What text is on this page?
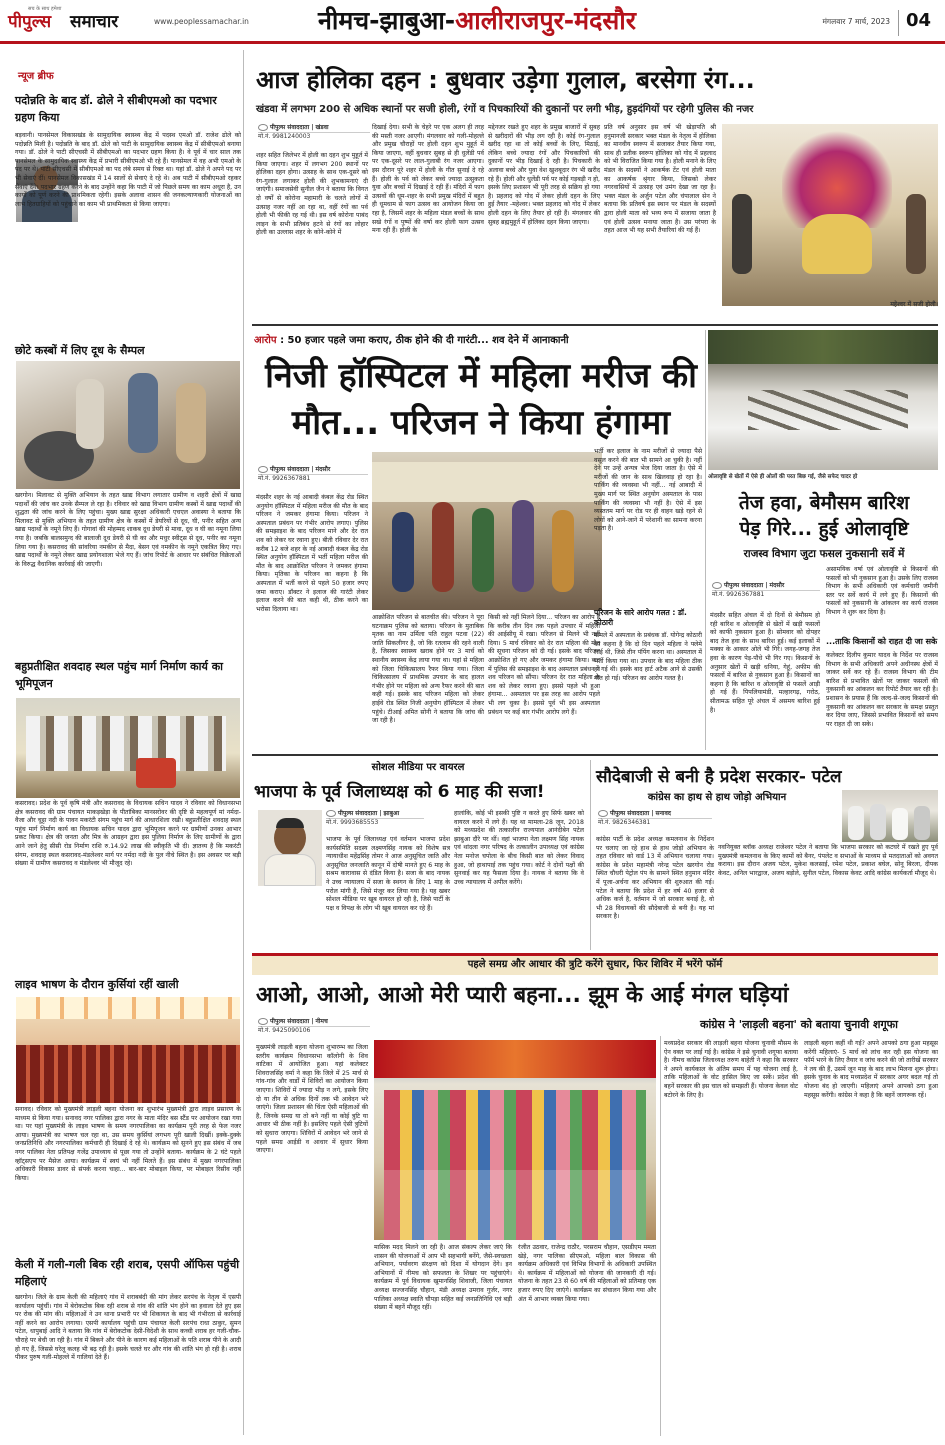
पीपुल्स समाचार
सच के साथ हमेशा
www.peoplessamachar.in	नीमच-झाबुआ-आलीराजपुर-मंदसौर	मंगलवार 7 मार्च, 2023 04
न्यूज ब्रीफ
पदोन्नति के बाद डॉ. ढोले ने सीबीएमओ का पदभार ग्रहण किया
बड़वानी। पानसेमल विकासखंड के सामुदायिक स्वास्थ्य केंद्र में पदस्थ एमओ डॉ. राजेश ढोले को पदोन्नति मिली है। पदोन्नति के बाद डॉ. ढोले को पाटी के सामुदायिक स्वास्थ्य केंद्र में सीबीएमओ बनाया गया। डॉ. ढोले ने पाटी सीएचसी में सीबीएमओ का पदभार ग्रहण किया है। वे पूर्व में चार साल तक पानसेमल के सामुदायिक स्वास्थ्य केंद्र में प्रभारी सीबीएमओ भी रहे हैं। पानसेमल में वह अभी एमओ के पद पर थे। पाटी सीएचसी में सीबीएमओ का पद लंबे समय से रिक्त था। यहां डॉ. ढोले ने अपने पद पर भी सेवाएं दीं। पानसेमल विकासखंड में 14 सालों से सेवाएं दे रहे थे। अब पाटी में सीबीएमओ रहकर सेवाएं देंगे। पदभार ग्रहण करने के बाद उन्होंने कहा कि पाटी में जो पिछले समय का काम अधूरा है, उन कार्यों को पूर्ण करने की प्राथमिकता रहेगी। इसके अलावा शासन की जनकल्याणकारी योजनाओं का लाभ हितग्राहियों को पहुंचाने का काम भी प्राथमिकता से किया जाएगा।
छोटे कस्बों में लिए दूध के सैम्पल
खरगोन। मिलावट से मुक्ति अभियान के तहत खाद्य विभाग लगातार ग्रामीण व शहरी क्षेत्रों में खाद्य पदार्थों की जांच कर उनके सैम्पल ले रहा है। रविवार को खाद्य विभाग ग्रामीण कस्बों में खाद्य पदार्थों की शुद्धता की जांच करने के लिए पहुंचा। मुख्य खाद्य सुरक्षा अधिकारी एचएल अवास्या ने बताया कि मिलावट से मुक्ति अभियान के तहत ग्रामीण क्षेत्र के कस्बों में डेयरियों से दूध, घी, पनीर सहित अन्य खाद्य पदार्थों के नमूने लिए हैं। गोगावां की मोहम्मद शाकब दूध डेयरी से मावा, दूध व घी का नमूना लिया गया है। जबकि बालसमुन्द की बालाजी दूध डेयरी से घी का और मधुर स्वीट्स से दूध, पनीर का नमूना लिया गया है। कसरावद की सांवरिया नमकीन से मैदा, बेसन एवं नमकीन के नमूने एकत्रित किए गए। खाद्य पदार्थों के नमूने लेकर खाद्य प्रयोगशाला भेजे गए हैं। जांच रिपोर्ट के आधार पर संबंधित विक्रेताओं के विरुद्ध वैधानिक कार्रवाई की जाएगी।
बहुप्रतीक्षित शवदाह स्थल पहुंच मार्ग निर्माण कार्य का भूमिपूजन
कसरावद। प्रदेश के पूर्व कृषि मंत्री और कसरावद के विधायक सचिन यादव ने रविवार को विधानसभा क्षेत्र कसरावद की ग्राम पंचायत माकड़खेड़ा के पीतांबिका मानसरोवर की दृष्टि से महत्वपूर्ण मां नर्मदा-वैजा और चुट्टा नदी के पावन मकरंटी संगम पहुंच मार्ग की आधारशिला रखी। बहुप्रतीक्षित शवदाह स्थल पहुंच मार्ग निर्माण कार्य का विधायक सचिन यादव द्वारा भूमिपूजन करने पर ग्रामीणों उनका आभार प्रकट किया। क्षेत्र की जनता और मित्र के आग्रहन द्वारा इस पुलिया निर्माण के लिए ग्रामीणों के द्वारा आने जाने हेतु सीसी रोड निर्माण राशि रु.14.92 लाख की स्वीकृति भी दी। ज्ञातव्य है कि मकरंटी संगम, शवदाह स्थल कसरावद-मंडलेश्वर मार्ग पर नर्मदा नदी के पुल नीचे स्थित है। इस अवसर पर बड़ी संख्या में ग्रामीण कसरावद व मंडलेश्वर भी मौजूद रहे।
लाइव भाषण के दौरान कुर्सियां रहीं खाली
सनावद। रविवार को मुख्यमंत्री लाड़ली बहना योजना का शुभारंभ मुख्यमंत्री द्वारा लाइव प्रसारण के माध्यम से किया गया। सनावद नगर पालिका द्वारा नगर के माता मंदिर बस स्टैंड पर आयोजन रखा गया था। पर यहां मुख्यमंत्री के लाइव भाषण के समय नगरपालिका का कार्यक्रम पूरी तरह से फेल नजर आया। मुख्यमंत्री का भाषण चल रहा था, उस समय कुर्सियां लगभग पूरी खाली दिखीं। इक्के-दुक्के जनप्रतिनिधि और नगरपालिका कर्मचारी ही दिखाई दे रहे थे। कार्यक्रम को सुनने हुए इस संबंध में जब नगर पालिका नेता प्रतिपक्ष गजेंद्र उपाध्याय से पूछा गया तो उन्होंने बताया- कार्यक्रम के 2 घंटे पहले व्हॉट्सएप पर मैसेज आया। कार्यक्रम में स्वयं भी नहीं मिलते हैं। इस संबंध में मुख्य नगरपालिका अधिकारी विकास डावर से संपर्क करना चाहा... बार-बार मोबाइल किया, पर मोबाइल रिसीव नहीं किया।
केली में गली-गली बिक रही शराब, एसपी ऑफिस पहुंची महिलाएं
खरगोन। जिले के ग्राम केली की महिलाएं गांव में शराबबंदी की मांग लेकर सरपंच के नेतृत्व में एसपी कार्यालय पहुंचीं। गांव में बेरोकटोक बिक रही शराब से गांव की शांति भंग होने का हवाला देते हुए इस पर रोक की मांग की। महिलाओं ने उन थाना प्रभारी पर भी शिकायत के बाद भी गंभीरता से कार्रवाई नहीं करने का आरोप लगाया। एसपी कार्यालय पहुंची ग्राम पंचायत केली सरपंच राधा ठाकुर, सुमन पटेल, धापुबाई आदि ने बताया कि गांव में बेरोकटोक देसी-विदेशी के साथ कच्ची शराब हर गली-चौक-चौराहे पर बेची जा रही है। गांव में बिकने और पीने के कारण कई महिलाओं के पति शराब पीने के आदी हो गए हैं, जिससे घरेलू कलह भी बढ़ रही है। इसके चलते घर और गांव की शांति भंग हो रही है। शराब पीकर पुरुष गली-मोहल्ले में गालियां देते हैं।
आज होलिका दहन : बुधवार उड़ेगा गुलाल, बरसेगा रंग...
खंडवा में लगभग 200 से अधिक स्थानों पर सजी होली, रंगों व पिचकारियों की दुकानों पर लगी भीड़, हुड़दंगियों पर रहेगी पुलिस की नजर
पीपुल्स संवाददाता | खंडवा
मो.नं. 9981240003
शहर सहित जिलेभर में होली का दहन शुभ मुहूर्त में किया जाएगा। शहर में लगभग 200 स्थानों पर होलिका दहन होगा। उत्साह के साथ एक-दूसरे को रंग-गुलाल लगाकर होली की शुभकामनाएं दी जाएंगी। समाजसेवी सुनील जैन ने बताया कि विगत दो वर्षों से कोरोना महामारी के चलते लोगों में उत्साह नजर नहीं आ रहा था, वहीं रंगों का पर्व होली भी फीकी रह गई थी। इस वर्ष कोरोना पाबंद लाइन के सभी प्रतिबंध हटने से रंगों का लोहार होली का उल्लास शहर के कोने-कोने में
दिखाई देगा। सभी के चेहरे पर एक अलग ही तरह की मस्ती नजर आएगी। मंगलवार को गली-मोहल्ले और प्रमुख चौराहों पर होली दहन शुभ मुहूर्त में किया जाएगा, वहीं बुधवार सुबह से ही धुलेंडी पर्व पर एक-दूसरे पर लाल-गुलाबी रंग नजर आएगा। इस दौरान पूरे शहर में होली के गीत सुनाई दे रहे हैं। होली के पर्व को लेकर बच्चे ज्यादा उत्सुकता युवा और बच्चों में दिखाई दे रही हैं। मंदिरों में फाग उत्सवों की धूम-शहर के सभी प्रमुख मंदिरों में बहुत ही धूमधाम से फाग उत्सव का आयोजन किया जा रहा है, जिसमें शहर के महिला मंडल बच्चों के साथ सखे रंगों व पुष्पों की वर्षा कर होली फाग उत्सव मना रही हैं। होली के
मद्देनजर रखते हुए शहर के प्रमुख बाजारों में सुबह से खरीदारों की भीड़ लग रही है। कोई रंग-गुलाल खरीद रहा था तो कोई बच्चों के लिए, मिठाई, लेकिन बच्चे ज्यादा रंगों और पिचकारियों की दुकानों पर भीड़ दिखाई दे रही है। पिचकारी के अलावा बच्चे और युवा वेश खुशबूदार रंग भी खरीद रहे हैं। होली और धुलेंडी पर्व पर कोई गड़बड़ी न हो, इसके लिए प्रशासन भी पूरी तरह से सक्रिय हो गया है। प्रहलाद को गोद में लेकर होली दहन के लिए हुई तैयार -महेश्वर। भक्त प्रहलाद को गोद में लेकर होली दहन के लिए तैयार हो रही हैं। मंगलवार की सुबह ब्रह्ममुहूर्त में होलिका दहन किया जाएगा।
प्रति वर्ष अनुसार इस वर्ष भी खेड़ापति श्री हनुमानजी सरकार भक्त मंडल के नेतृत्व में होलिका का मानवीय स्वरूप में सजाकर तैयार किया गया, साथ ही प्रतीक स्वरूप होलिका को गोद में प्रहलाद को भी विराजित किया गया है। होली मनाने के लिए मंडल के सदस्यों ने आकर्षक टेंट एवं होली माता का आकर्षक श्रृंगार किया, जिसको लेकर नगरवासियों में उत्साह एवं उमंग देखा जा रहा है। भक्त मंडल के अर्जुन पटेल और चंपालाल सेन ने बताया कि प्रतिवर्ष इस स्थान पर मंडल के सदस्यों द्वारा होली माता को भव्य रूप में सजाया जाता है एवं होली उत्सव मनाया जाता है। उस परंपरा के तहत आज भी यह सभी तैयारियां की गई हैं।
महेश्वर में सजी होली।
आरोप : 50 हजार पहले जमा कराए, ठीक होने की दी गारंटी... शव देने में आनाकानी
निजी हॉस्पिटल में महिला मरीज की
मौत... परिजन ने किया हंगामा
पीपुल्स संवाददाता | मंदसौर
मो.नं. 9926367881
मंदसौर शहर के नई आबादी कंबल केंद्र रोड स्थित अनुयोग हॉस्पिटल में महिला मरीज की मौत के बाद परिजन ने जमकर हंगामा किया। परिजन ने अस्पताल प्रबंधन पर गंभीर आरोप लगाए। पुलिस की समझाइश के बाद परिजन माने और देर रात शव को लेकर घर रवाना हुए। बीती रविवार देर रात करीब 12 बजे शहर के नई आबादी कंबल केंद्र रोड स्थित अनुयोग हॉस्पिटल में भर्ती महिला मरीज की मौत के बाद आक्रोशित परिजन ने जमकर हंगामा किया। मृतिका के परिजन का कहना है कि अस्पताल में भर्ती करने से पहले 50 हजार रुपए जमा कराए। डॉक्टर ने इलाज की गारंटी लेकर इलाज करने की बात कही थी, ठीक करने का भरोसा दिलाया था।
आक्रोशित परिजन से बातचीत की। परिजन ने पूरा घटनाक्रम पुलिस को बताया। परिजन के मुताबिक मृतक का नाम उर्मिला पति राहुल पटवा (22) जाति सिकलीगर है, जो कि रतलाम की रहने वाली है, जिसका स्वास्थ्य खराब होने पर 3 मार्च को स्थानीय स्वास्थ्य केंद्र लाया गया था। यहां से महिला को जिला चिकित्सालय रैफर किया गया। जिला चिकित्सालय में प्राथमिक उपचार के बाद हालत गंभीर होने पर महिला को अन्य रैफर करने की बात कही गई। इसके बाद परिजन महिला को लेकर हाईवे रोड स्थित निजी अनुयोग हॉस्पिटल में लेकर पहुंचे। टीआई अमित सोनी ने बताया कि जांच की जा रही है।
किसी को नहीं मिलने दिया... परिजन का आरोप है कि करीब तीन दिन तक पहले उपचार में महिला की आईसीयू में रखा। परिजन से मिलने भी नहीं दिया। 5 मार्च रविवार को देर रात महिला की मौत की सूचना परिजन को दी गई। इसके बाद परिजन आक्रोशित हो गए और जमकर हंगामा किया। बाद में पुलिस की समझाइश के बाद अस्पताल प्रबंधन ने शव परिजन को सौंपा। परिजन देर रात महिला के शव को लेकर रवाना हुए। इससे पहले भी हुआ हंगामा... अस्पताल पर इस तरह का आरोप पहले भी लग चुका है। इससे पूर्व भी इस अस्पताल प्रबंधन पर कई बार गंभीर आरोप लगे हैं।
भर्ती कर इलाज के नाम मरीजों से ज्यादा पैसे वसूल करने की बात भी सामने आ चुकी है। नहीं देने पर उन्हें अन्यत्र भेज दिया जाता है। ऐसे में मरीजों की जान के साथ खिलवाड़ हो रहा है। पार्किंग की व्यवस्था भी नहीं... नई आबादी में मुख्य मार्ग पर स्थित अनुयोग अस्पताल के पास पार्किंग की व्यवस्था भी नहीं है। ऐसे में इस व्यस्ततम मार्ग पर रोड पर ही वाहन खड़े रहने से लोगों को आने-जाने में परेशानी का सामना करना पड़ता है।
परिजन के सारे आरोप गलत : डॉ. कोठारी
मामले में अस्पताल के प्रबंधक डॉ. योगेन्द्र कोठारी का कहना है कि दो दिन पहले महिला ने फ्लेमे लाई थी, जिसे तीन पंपिंग करना था। अस्पताल में भर्ती किया गया था। उपचार के बाद महिला ठीक हो गई थी। इसके बाद हार्ट अटैक आने से उसकी मौत हो गई। परिजन का आरोप गलत है।
ओलावृष्टि से खेतों में ऐसे ही ओलों की परत बिछ गई, जैसे सफेद चादर हो
तेज हवा, बेमौसम बारिश
पेड़ गिरे... हुई ओलावृष्टि
राजस्व विभाग जुटा फसल नुकसानी सर्वे में
पीपुल्स संवाददाता | मंदसौर
मो.नं. 9926367881
मंदसौर सहित अंचल में दो दिनों से बेमौसम हो रही बारिश व ओलावृष्टि से खेतों में खड़ी फसलों को काफी नुकसान हुआ है। सोमवार को दोपहर बाद तेज हवा के साथ बारिश हुई। कई इलाकों में मक्का के आकार ओले भी गिरे। जगह-जगह तेज हवा के कारण पेड़-पौधे भी गिर गए। किसानों के अनुसार खेतों में खड़ी धनिया, गेहूं, अफीम की फसलों में बारिश से नुकसान हुआ है। किसानों का कहना है कि बारिश व ओलावृष्टि से फसलें आड़ी हो गई हैं। पिपलियामंडी, मल्हारगढ़, गरोठ, सीतामऊ सहित पूरे अंचल में असमय बारिश हुई है।
असामयिक वर्षा एवं ओलावृष्टि से किसानों की फसलों को भी नुकसान हुआ है। उसके लिए राजस्व विभाग के सभी अधिकारी एवं कर्मचारी जमीनी स्तर पर सर्वे कार्य में लगे हुए हैं। किसानों की फसलों को नुकसानी के आंकलन का कार्य राजस्व विभाग ने शुरू कर दिया है।
...ताकि किसानों को राहत दी जा सके
कलेक्टर दिलीप कुमार यादव के निर्देश पर राजस्व विभाग के सभी अधिकारी अपने अधीनस्थ क्षेत्रों में जाकर सर्वे कर रहे हैं। राजस्व विभाग की टीम बारिश से प्रभावित खेतों पर जाकर फसलों की नुकसानी का आंकलन कर रिपोर्ट तैयार कर रही है। प्रशासन के प्रयास हैं कि जल्द-से-जल्द किसानों की नुकसानी का आंकलन कर सरकार के समक्ष प्रस्तुत कर दिया जाए, जिससे प्रभावित किसानों को समय पर राहत दी जा सके।
सोशल मीडिया पर वायरल
भाजपा के पूर्व जिलाध्यक्ष को 6 माह की सजा!
पीपुल्स संवाददाता | झाबुआ
मो.नं. 9993685553
भाजपा के पूर्व जिलाध्यक्ष एवं वर्तमान भाजपा प्रदेश कार्यसमिति सदस्य लक्ष्मणसिंह नायक को विशेष सत्र न्यायाधीश महेंद्रसिंह तोमर ने आज अनुसूचित जाति और अनुसूचित जनजाति कानून में दोषी मानते हुए 6 माह के सश्रम कारावास से दंडित किया है। सजा के बाद नायक ने उच्च न्यायालय में सजा के स्थगन के लिए 1 माह के परोल मांगी है, जिसे मंजूर कर लिया गया है। यह खबर सोशल मीडिया पर खूब वायरल हो रही है, जिसे पार्टी के पक्ष व विपक्ष के लोग भी खूब वायरल कर रहे हैं।
हालांकि, कोई भी इसकी पुष्टि न करते हुए सिर्फ खबर को वायरल करने में लगे हैं। यह था मामला-28 जून, 2018 को मध्यप्रदेश की तत्कालीन राज्यपाल आनंदीबेन पटेल झाबुआ दौरे पर थीं। वहां भाजपा नेता लक्ष्मण सिंह नायक एवं थांदला नगर परिषद के तत्कालीन उपाध्यक्ष एवं कांग्रेस नेता मनोज चपोला के बीच किसी बात को लेकर विवाद हुआ, जो हाथापाई तक पहुंच गया। कोर्ट ने दोनों पक्षों की सुनवाई कर यह फैसला दिया है। नायक ने बताया कि वे उच्च न्यायालय में अपील करेंगे।
सौदेबाजी से बनी है प्रदेश सरकार- पटेल
कांग्रेस का हाथ से हाथ जोड़ो अभियान
पीपुल्स संवाददाता | सनावद
मो.नं. 9826346381
कांग्रेस पार्टी के प्रदेश अध्यक्ष कमलनाथ के निर्देशन पर चलाए जा रहे हाथ से हाथ जोड़ो अभियान के तहत रविवार को वार्ड 13 में अभियान चलाया गया। कांग्रेस के प्रदेश महामंत्री नरेन्द्र पटेल खरगोन रोड स्थित चौधरी पेट्रोल पंप के सामने स्थित हनुमान मंदिर में पूजा-अर्चना कर अभियान की शुरुआत की गई। पटेल ने बताया कि प्रदेश में हर वर्ष 40 हजार से अधिक कर्ज है, वर्तमान में जो सरकार बनाई है, वो भी 28 विधायकों की सौदेबाजी से बनी है। यह मां सरकार है।
नवनियुक्त ब्लॉक अध्यक्ष राजेश्वर पटेल ने बताया कि भाजपा सरकार को कटघरे में रखते हुए पूर्व मुख्यमंत्री कमलनाथ के किए कामों को बैनर, पंपलेट व सभाओं के माध्यम से मतदाताओं को अवगत कराया। इस दौरान अजय पटेल, मुकेश कलसाई, रमेश पटेल, प्रकाश बघेल, सोनू बिरला, दीपक केवट, अनिल भारद्वाज, अजय बड़ोले, सुनील पटेल, विकास केवट आदि कांग्रेस कार्यकर्ता मौजूद थे।
पहले समग्र और आधार की त्रुटि करेंगे सुधार, फिर शिविर में भरेंगे फॉर्म
आओ, आओ, आओ मेरी प्यारी बहना... झूम के आई मंगल घड़ियां
कांग्रेस ने 'लाड़ली बहना' को बताया चुनावी शगूफा
पीपुल्स संवाददाता | नीमच
मो.नं. 9425090106
मुख्यमंत्री लाड़ली बहना योजना शुभारम्भ का जिला स्तरीय कार्यक्रम विधानसभा कॉलोनी के शिव वाटिका में आयोजित हुआ। यहां कलेक्टर शिवराजसिंह वर्मा ने कहा कि जिले में 25 मार्च से गांव-गांव और वार्डों में शिविरों का आयोजन किया जाएगा। शिविरों में ज्यादा भीड़ न लगे, इसके लिए दो या तीन से अधिक दिनों तक भी आवेदन भरे जाएंगे। जिला प्रशासन की चिंता ऐसी महिलाओं की है, जिनके समग्र या तो बने नहीं या कोई त्रुटि या आधार भी ठीक नहीं है। इसलिए पहले ऐसी त्रुटियों को सुधारा जाएगा। शिविरों में आवेदन भरे जाने से पहले समग्र आईडी व आधार में सुधार किया जाएगा।
मासिक मदद मिलने जा रही है। आज संकल्प लेकर जाएं कि शासन की योजनाओं में आप भी सहभागी बनेंगे, जैसे-स्वच्छता अभियान, पर्यावरण संरक्षण को दिशा में योगदान देंगे। इन अभियानों में नीमच को सफलता के शिखर पर पहुंचाएंगे। कार्यक्रम में पूर्व विधायक खुमानसिंह शिवाजी, जिला पंचायत अध्यक्ष सज्जनसिंह चौहान, मंडी अध्यक्ष उमराव गुर्जर, नगर पालिका अध्यक्ष स्वाति चौपड़ा सहित कई जनप्रतिनिधि एवं बड़ी संख्या में बहनें मौजूद रहीं।
रंजीत उठवार, राजेन्द्र राठौर, परसराम चौहान, एसडीएम ममता खेड़े, नगर पालिका सीएमओ, महिला बाल विकास की कार्यक्रम अधिकारी एवं विभिन्न विभागों के अधिकारी उपस्थित थे। कार्यक्रम में महिलाओं को योजना की जानकारी दी गई। योजना के तहत 23 से 60 वर्ष की महिलाओं को प्रतिमाह एक हजार रुपए दिए जाएंगे। कार्यक्रम का संचालन किया गया और अंत में आभार व्यक्त किया गया।
मध्यप्रदेश सरकार की लाड़ली बहना योजना चुनावी मौसम के ऐन वक्त पर लाई गई है। कांग्रेस ने इसे चुनावी शगूफा बताया है। नीमच कांग्रेस जिलाध्यक्ष तरुण बाहेती ने कहा कि सरकार ने अपने कार्यकाल के अंतिम समय में यह योजना लाई है, ताकि महिलाओं के वोट हासिल किए जा सकें। प्रदेश की बहनें सरकार की इस चाल को समझती हैं। योजना केवल वोट बटोरने के लिए है।
लाड़ली बहना कहीं थी गई? अपने आपको ठगा हुआ महसूस करेंगी महिलाएं- 5 मार्च को लांच कर रही इस योजना का फॉर्म भरने के लिए तैयार व जांच करने की जो तारीखें सरकार ने तय की हैं, उसमें जून माह के बाद लाभ मिलना शुरू होगा। इसके चुनाव के बाद मध्यप्रदेश में सरकार अगर बदल गई तो योजना बंद हो जाएगी। महिलाएं अपने आपको ठगा हुआ महसूस करेंगी। कांग्रेस ने कहा है कि बहनें जागरूक रहें।
